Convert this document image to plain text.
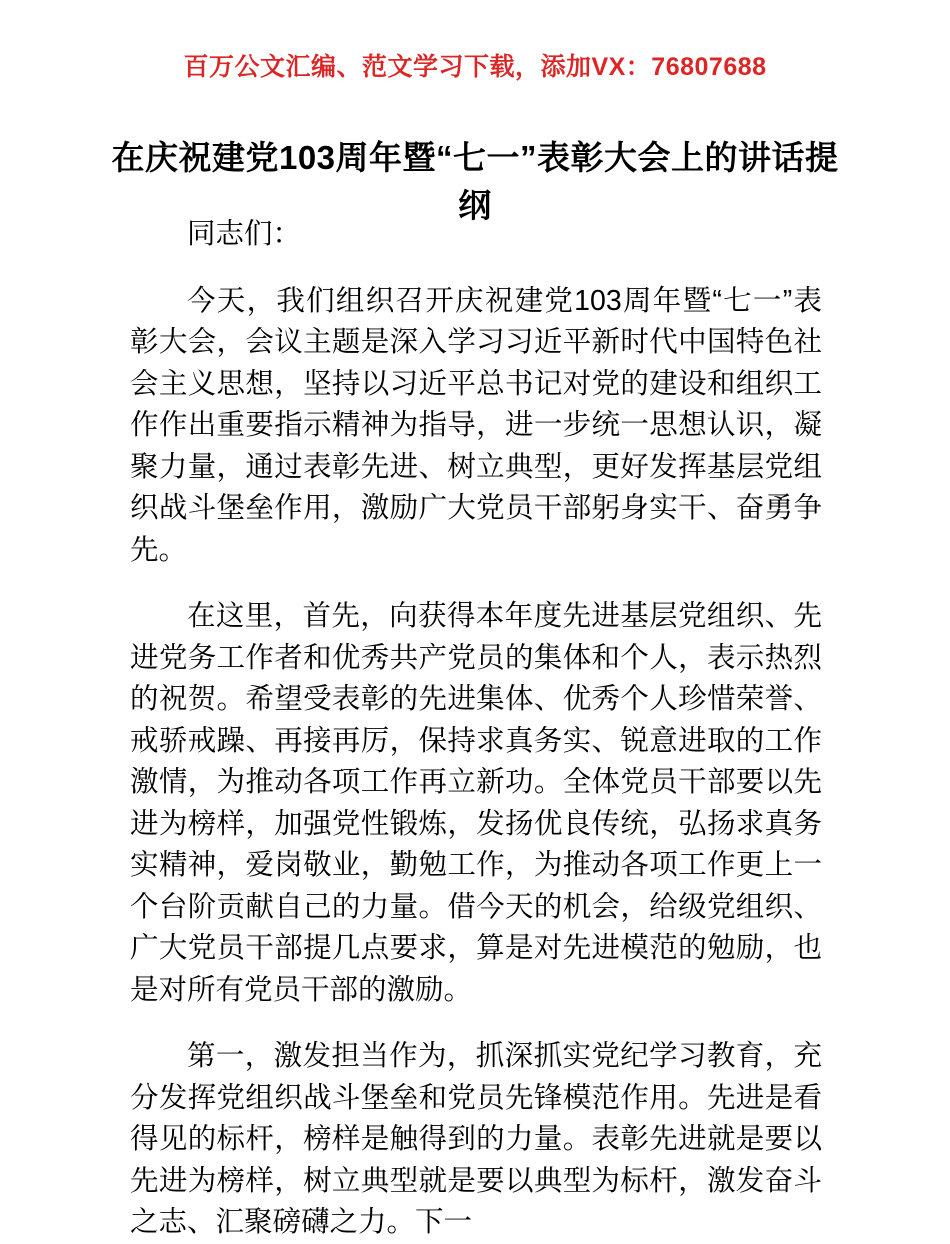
百万公文汇编、范文学习下载，添加VX：76807688
在庆祝建党103周年暨“七一”表彰大会上的讲话提纲

同志们：

今天，我们组织召开庆祝建党103周年暨“七一”表彰大会，会议主题是深入学习习近平新时代中国特色社会主义思想，坚持以习近平总书记对党的建设和组织工作作出重要指示精神为指导，进一步统一思想认识，凝聚力量，通过表彰先进、树立典型，更好发挥基层党组织战斗堡垒作用，激励广大党员干部躬身实干、奋勇争先。

在这里，首先，向获得本年度先进基层党组织、先进党务工作者和优秀共产党员的集体和个人，表示热烈的祝贺。希望受表彰的先进集体、优秀个人珍惜荣誉、戒骄戒躁、再接再厉，保持求真务实、锐意进取的工作激情，为推动各项工作再立新功。全体党员干部要以先进为榜样，加强党性锻炼，发扬优良传统，弘扬求真务实精神，爱岗敬业，勤勉工作，为推动各项工作更上一个台阶贡献自己的力量。借今天的机会，给级党组织、广大党员干部提几点要求，算是对先进模范的勉励，也是对所有党员干部的激励。

第一，激发担当作为，抓深抓实党纪学习教育，充分发挥党组织战斗堡垒和党员先锋模范作用。先进是看得见的标杆，榜样是触得到的力量。表彰先进就是要以先进为榜样，树立典型就是要以典型为标杆，激发奋斗之志、汇聚磅礴之力。下一
